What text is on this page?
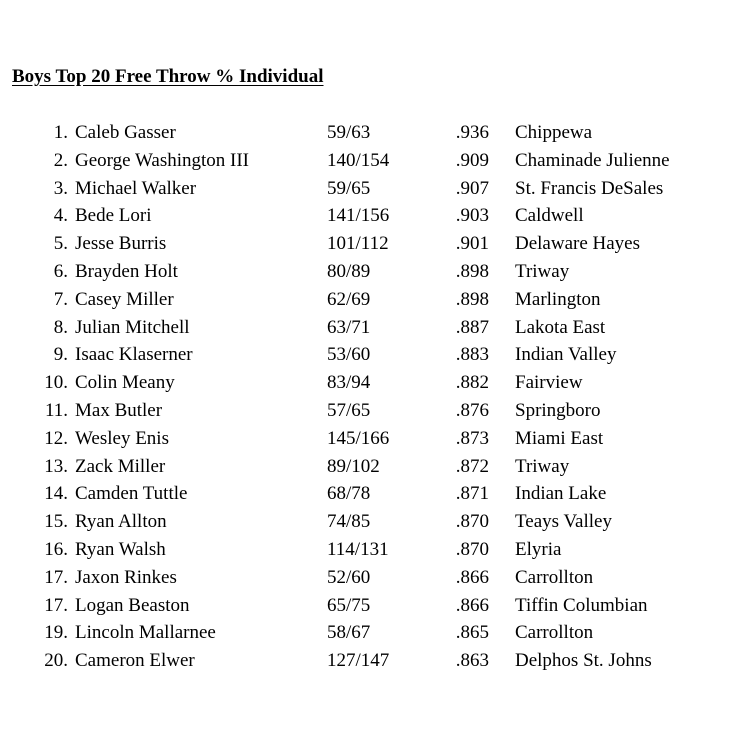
Boys Top 20 Free Throw % Individual
1. Caleb Gasser	59/63	.936 Chippewa
2. George Washington III	140/154	.909 Chaminade Julienne
3. Michael Walker	59/65	.907 St. Francis DeSales
4. Bede Lori	141/156	.903 Caldwell
5. Jesse Burris	101/112	.901 Delaware Hayes
6. Brayden Holt	80/89	.898 Triway
7. Casey Miller	62/69	.898 Marlington
8. Julian Mitchell	63/71	.887 Lakota East
9. Isaac Klaserner	53/60	.883 Indian Valley
10. Colin Meany	83/94	.882 Fairview
11. Max Butler	57/65	.876 Springboro
12. Wesley Enis	145/166	.873 Miami East
13. Zack Miller	89/102	.872 Triway
14. Camden Tuttle	68/78	.871 Indian Lake
15. Ryan Allton	74/85	.870 Teays Valley
16. Ryan Walsh	114/131	.870 Elyria
17. Jaxon Rinkes	52/60	.866 Carrollton
17. Logan Beaston	65/75	.866 Tiffin Columbian
19. Lincoln Mallarnee	58/67	.865 Carrollton
20. Cameron Elwer	127/147	.863 Delphos St. Johns
